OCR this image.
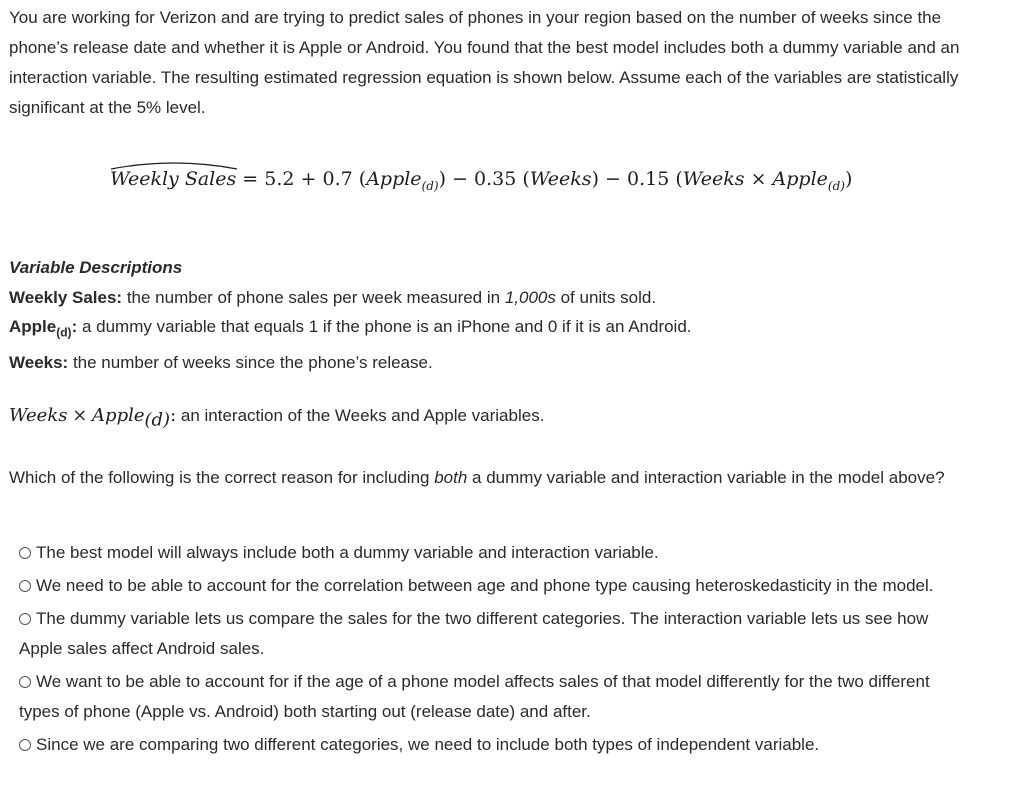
You are working for Verizon and are trying to predict sales of phones in your region based on the number of weeks since the phone’s release date and whether it is Apple or Android. You found that the best model includes both a dummy variable and an interaction variable. The resulting estimated regression equation is shown below. Assume each of the variables are statistically significant at the 5% level.

Weekly Sales = 5.2 + 0.7 (Apple$_{(d)}$) − 0.35 (Weeks) − 0.15 (Weeks × Apple$_{(d)}$)
Variable Descriptions
Weekly Sales: the number of phone sales per week measured in 1,000s of units sold.
Apple$_{(d)}$: a dummy variable that equals 1 if the phone is an iPhone and 0 if it is an Android.
Weeks: the number of weeks since the phone’s release.
Weeks × Apple$_{(d)}$: an interaction of the Weeks and Apple variables.
Which of the following is the correct reason for including both a dummy variable and interaction variable in the model above?
The best model will always include both a dummy variable and interaction variable.
We need to be able to account for the correlation between age and phone type causing heteroskedasticity in the model.
The dummy variable lets us compare the sales for the two different categories. The interaction variable lets us see how Apple sales affect Android sales.
We want to be able to account for if the age of a phone model affects sales of that model differently for the two different types of phone (Apple vs. Android) both starting out (release date) and after.
Since we are comparing two different categories, we need to include both types of independent variable.
